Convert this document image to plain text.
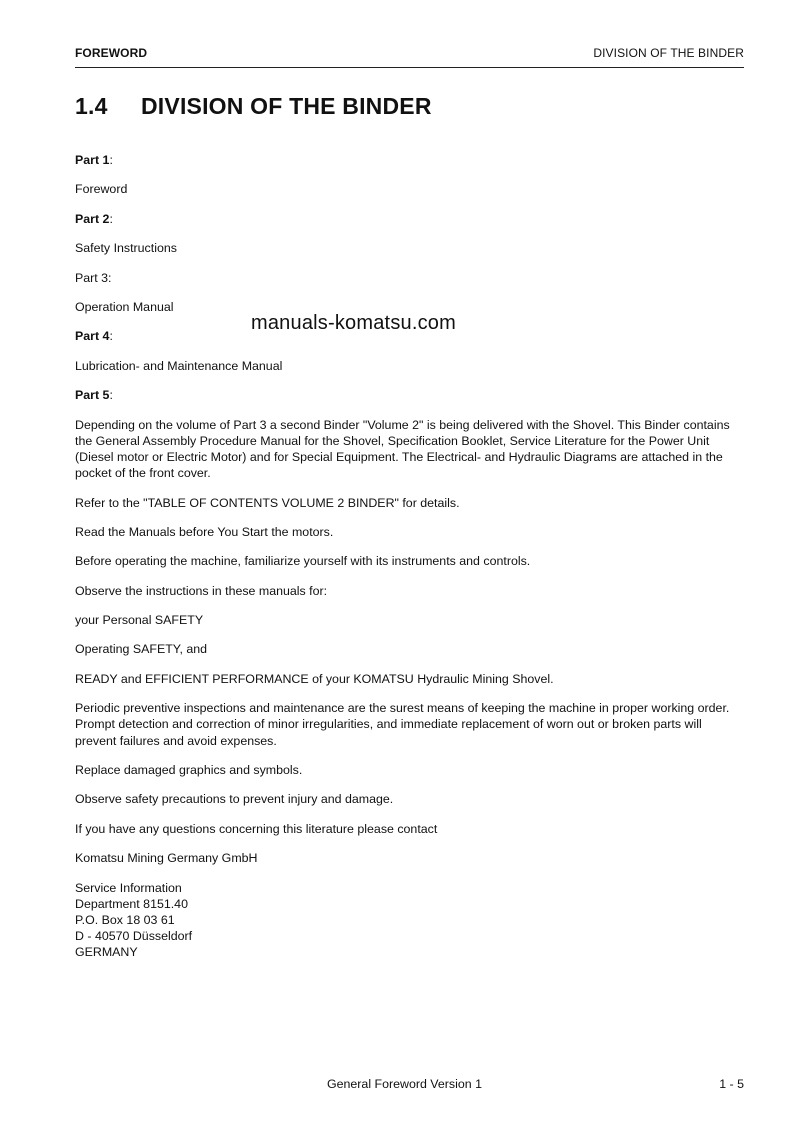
FOREWORD	DIVISION OF THE BINDER
1.4 DIVISION OF THE BINDER
manuals-komatsu.com

Part 1:

Foreword

Part 2:

Safety Instructions

Part 3:

Operation Manual

Part 4:

Lubrication- and Maintenance Manual

Part 5:

Depending on the volume of Part 3 a second Binder "Volume 2" is being delivered with the Shovel. This Binder contains the General Assembly Procedure Manual for the Shovel, Specification Booklet, Service Literature for the Power Unit (Diesel motor or Electric Motor) and for Special Equipment. The Electrical- and Hydraulic Diagrams are attached in the pocket of the front cover.

Refer to the "TABLE OF CONTENTS VOLUME 2 BINDER" for details.

Read the Manuals before You Start the motors.

Before operating the machine, familiarize yourself with its instruments and controls.

Observe the instructions in these manuals for:

your Personal SAFETY

Operating SAFETY, and

READY and EFFICIENT PERFORMANCE of your KOMATSU Hydraulic Mining Shovel.

Periodic preventive inspections and maintenance are the surest means of keeping the machine in proper working order. Prompt detection and correction of minor irregularities, and immediate replacement of worn out or broken parts will prevent failures and avoid expenses.

Replace damaged graphics and symbols.

Observe safety precautions to prevent injury and damage.

If you have any questions concerning this literature please contact

Komatsu Mining Germany GmbH

Service Information
Department 8151.40
P.O. Box 18 03 61
D - 40570 Düsseldorf
GERMANY

General Foreword Version 1	1 - 5
